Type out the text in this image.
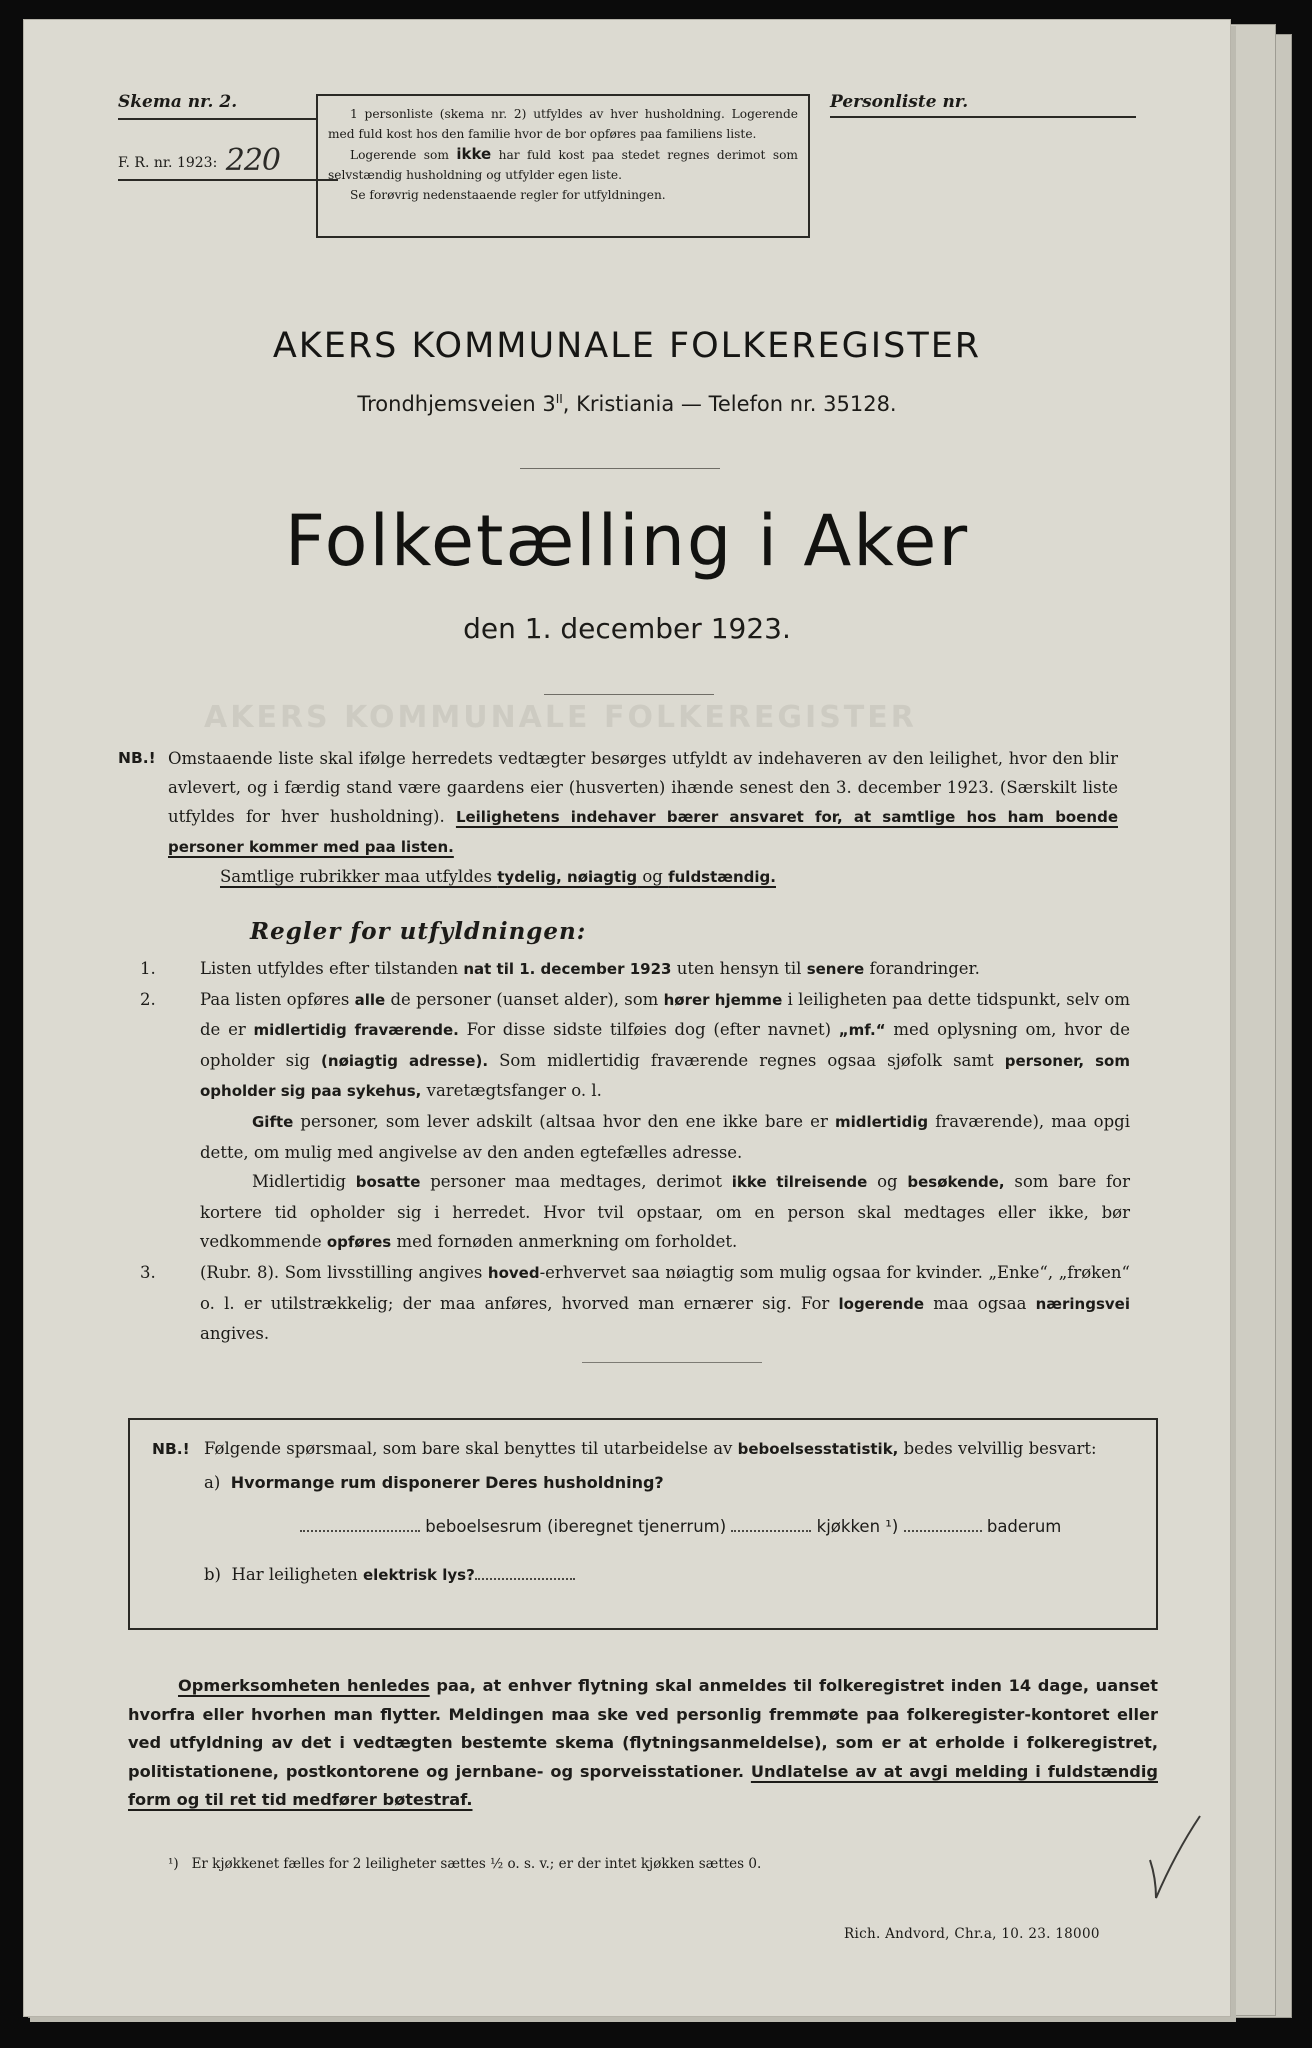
Skema nr. 2.
F. R. nr. 1923: 220

1 personliste (skema nr. 2) utfyldes av hver husholdning. Logerende med fuld kost hos den familie hvor de bor opføres paa familiens liste.

Logerende som ikke har fuld kost paa stedet regnes derimot som selvstændig husholdning og utfylder egen liste.

Se forøvrig nedenstaaende regler for utfyldningen.

Personliste nr.
AKERS KOMMUNALE FOLKEREGISTER
Trondhjemsveien $3^{II}$, Kristiania — Telefon nr. 35128.
Folketælling i Aker
den 1. december 1923.
AKERS KOMMUNALE FOLKEREGISTER
NB.! Omstaaende liste skal ifølge herredets vedtægter besørges utfyldt av indehaveren av den leilighet, hvor den blir avlevert, og i færdig stand være gaardens eier (husverten) ihænde senest den 3. december 1923. (Særskilt liste utfyldes for hver husholdning). Leilighetens indehaver bærer ansvaret for, at samtlige hos ham boende personer kommer med paa listen.
Samtlige rubrikker maa utfyldes tydelig, nøiagtig og fuldstændig.
Regler for utfyldningen:
1.	Listen utfyldes efter tilstanden nat til 1. december 1923 uten hensyn til senere forandringer.

2.	Paa listen opføres alle de personer (uanset alder), som hører hjemme i leiligheten paa dette tidspunkt, selv om de er midlertidig fraværende. For disse sidste tilføies dog (efter navnet) „mf.“ med oplysning om, hvor de opholder sig (nøiagtig adresse). Som midlertidig fraværende regnes ogsaa sjøfolk samt personer, som opholder sig paa sykehus, varetægtsfanger o. l.

Gifte personer, som lever adskilt (altsaa hvor den ene ikke bare er midlertidig fraværende), maa opgi dette, om mulig med angivelse av den anden egtefælles adresse.

Midlertidig bosatte personer maa medtages, derimot ikke tilreisende og besøkende, som bare for kortere tid opholder sig i herredet. Hvor tvil opstaar, om en person skal medtages eller ikke, bør vedkommende opføres med fornøden anmerkning om forholdet.

3.	(Rubr. 8). Som livsstilling angives hoved-erhvervet saa nøiagtig som mulig ogsaa for kvinder. „Enke“, „frøken“ o. l. er utilstrækkelig; der maa anføres, hvorved man ernærer sig. For logerende maa ogsaa næringsvei angives.

NB.! Følgende spørsmaal, som bare skal benyttes til utarbeidelse av beboelsesstatistik, bedes velvillig besvart:
a) Hvormange rum disponerer Deres husholdning?
beboelsesrum (iberegnet tjenerrum)	kjøkken ¹)	baderum
b) Har leiligheten elektrisk lys?

Opmerksomheten henledes paa, at enhver flytning skal anmeldes til folkeregistret inden 14 dage, uanset hvorfra eller hvorhen man flytter. Meldingen maa ske ved personlig fremmøte paa folkeregister-kontoret eller ved utfyldning av det i vedtægten bestemte skema (flytningsanmeldelse), som er at erholde i folkeregistret, politistationene, postkontorene og jernbane- og sporveisstationer. Undlatelse av at avgi melding i fuldstændig form og til ret tid medfører bøtestraf.

¹) Er kjøkkenet fælles for 2 leiligheter sættes ½ o. s. v.; er der intet kjøkken sættes 0.
Rich. Andvord, Chr.a, 10. 23. 18000
